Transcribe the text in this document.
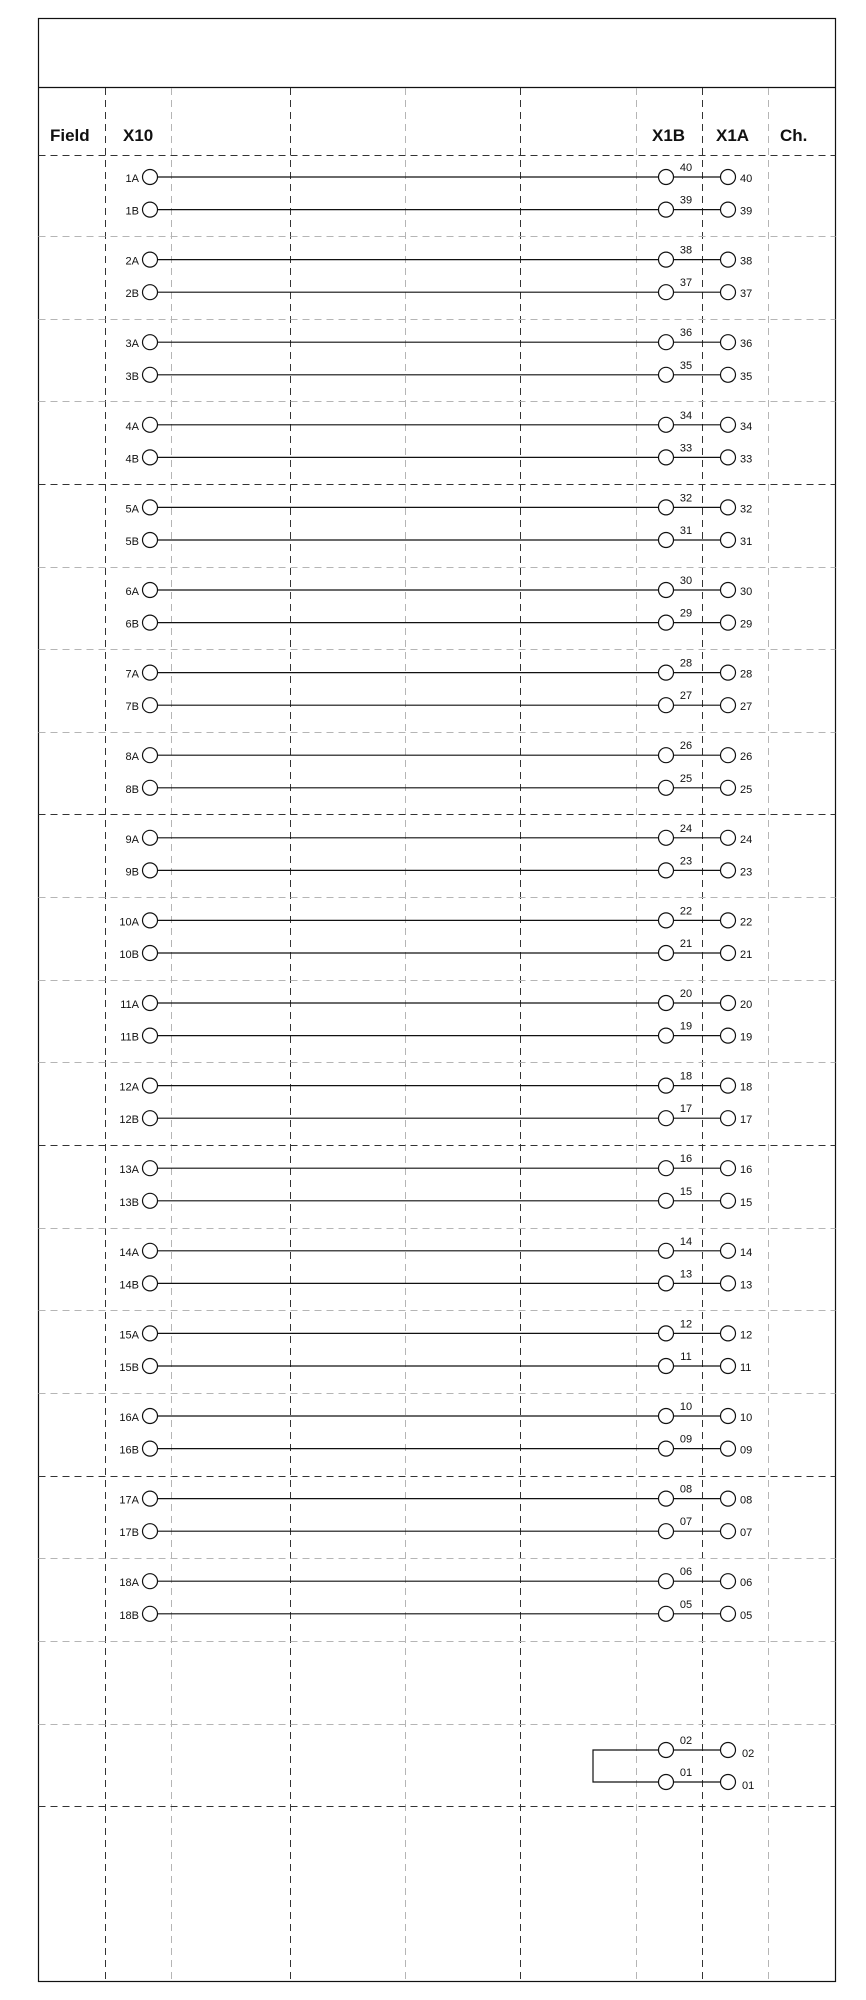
Field X10	X1B X1A Ch.
1A
40
40
1B
39
39
2A
38
38
2B
37
37
3A
36
36
3B
35
35
4A
34
34
4B
33
33
5A
32
32
5B
31
31
6A
30
30
6B
29
29
7A
28
28
7B
27
27
8A
26
26
8B
25
25
9A
24
24
9B
23
23
10A
22
22
10B
21
21
11A
20
20
11B
19
19
12A
18
18
12B
17
17
13A
16
16
13B
15
15
14A
14
14
14B
13
13
15A
12
12
15B
11
11
16A
10
10
16B
09
09
17A
08
08
17B
07
07
18A
06
06
18B
05
05
02
02
01
01
